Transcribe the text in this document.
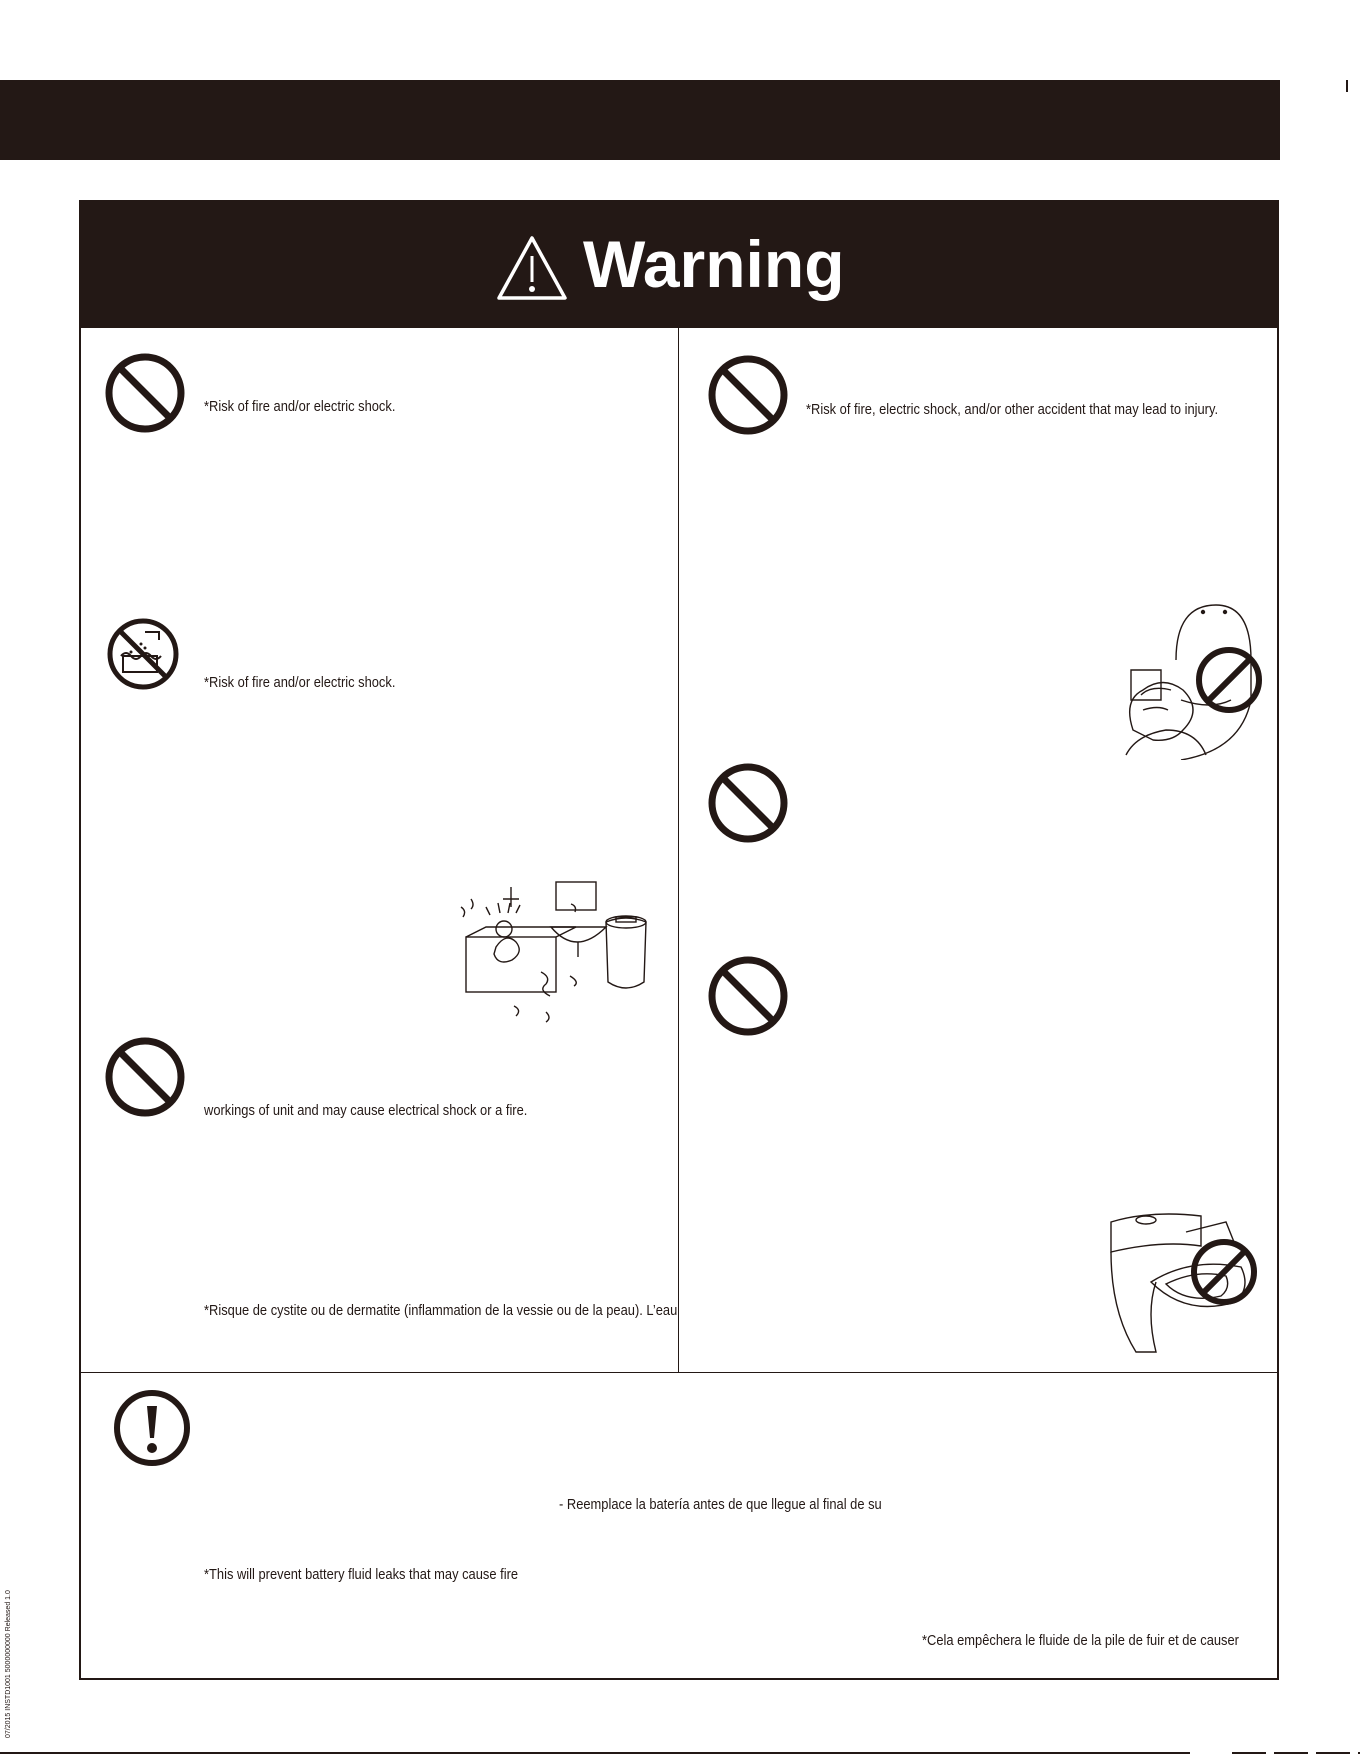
Warning
*Risk of fire and/or electric shock.
*Risk of fire and/or electric shock.
workings of unit and may cause electrical shock or a fire.
*Risque de cystite ou de dermatite (inflammation de la vessie ou de la peau). L’eau
*Risk of fire, electric shock, and/or other accident that may lead to injury.
- Reemplace la batería antes de que llegue al final de su
*This will prevent battery fluid leaks that may cause fire
*Cela empêchera le fluide de la pile de fuir et de causer
07/2015 INSTD1001 5000000000 Released 1.0
